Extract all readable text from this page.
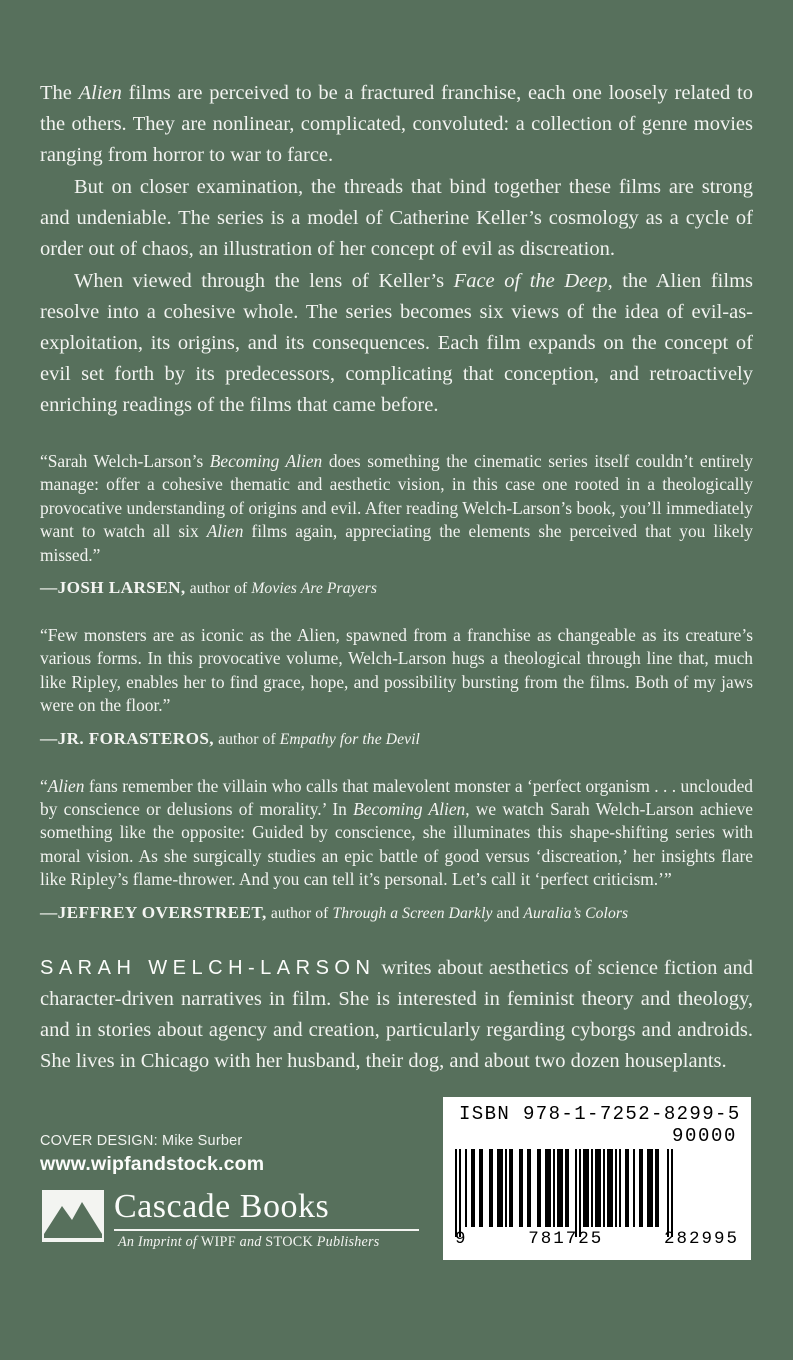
The Alien films are perceived to be a fractured franchise, each one loosely related to the others. They are nonlinear, complicated, convoluted: a collection of genre movies ranging from horror to war to farce.

But on closer examination, the threads that bind together these films are strong and undeniable. The series is a model of Catherine Keller’s cosmology as a cycle of order out of chaos, an illustration of her concept of evil as discreation.

When viewed through the lens of Keller’s Face of the Deep, the Alien films resolve into a cohesive whole. The series becomes six views of the idea of evil-as-exploitation, its origins, and its consequences. Each film expands on the concept of evil set forth by its predecessors, complicating that conception, and retroactively enriching readings of the films that came before.

“Sarah Welch-Larson’s Becoming Alien does something the cinematic series itself couldn’t entirely manage: offer a cohesive thematic and aesthetic vision, in this case one rooted in a theologically provocative understanding of origins and evil. After reading Welch-Larson’s book, you’ll immediately want to watch all six Alien films again, appreciating the elements she perceived that you likely missed.”

—JOSH LARSEN, author of Movies Are Prayers

“Few monsters are as iconic as the Alien, spawned from a franchise as changeable as its creature’s various forms. In this provocative volume, Welch-Larson hugs a theological through line that, much like Ripley, enables her to find grace, hope, and possibility bursting from the films. Both of my jaws were on the floor.”

—JR. FORASTEROS, author of Empathy for the Devil

“Alien fans remember the villain who calls that malevolent monster a ‘perfect organism . . . unclouded by conscience or delusions of morality.’ In Becoming Alien, we watch Sarah Welch-Larson achieve something like the opposite: Guided by conscience, she illuminates this shape-shifting series with moral vision. As she surgically studies an epic battle of good versus ‘discreation,’ her insights flare like Ripley’s flame-thrower. And you can tell it’s personal. Let’s call it ‘perfect criticism.’”

—JEFFREY OVERSTREET, author of Through a Screen Darkly and Auralia’s Colors
SARAH WELCH-LARSON writes about aesthetics of science fiction and character-driven narratives in film. She is interested in feminist theory and theology, and in stories about agency and creation, particularly regarding cyborgs and androids. She lives in Chicago with her husband, their dog, and about two dozen houseplants.
COVER DESIGN: Mike Surber
www.wipfandstock.com
Cascade Books
An Imprint of WIPF and STOCK Publishers
ISBN 978-1-7252-8299-5
90000
9	781725	282995
